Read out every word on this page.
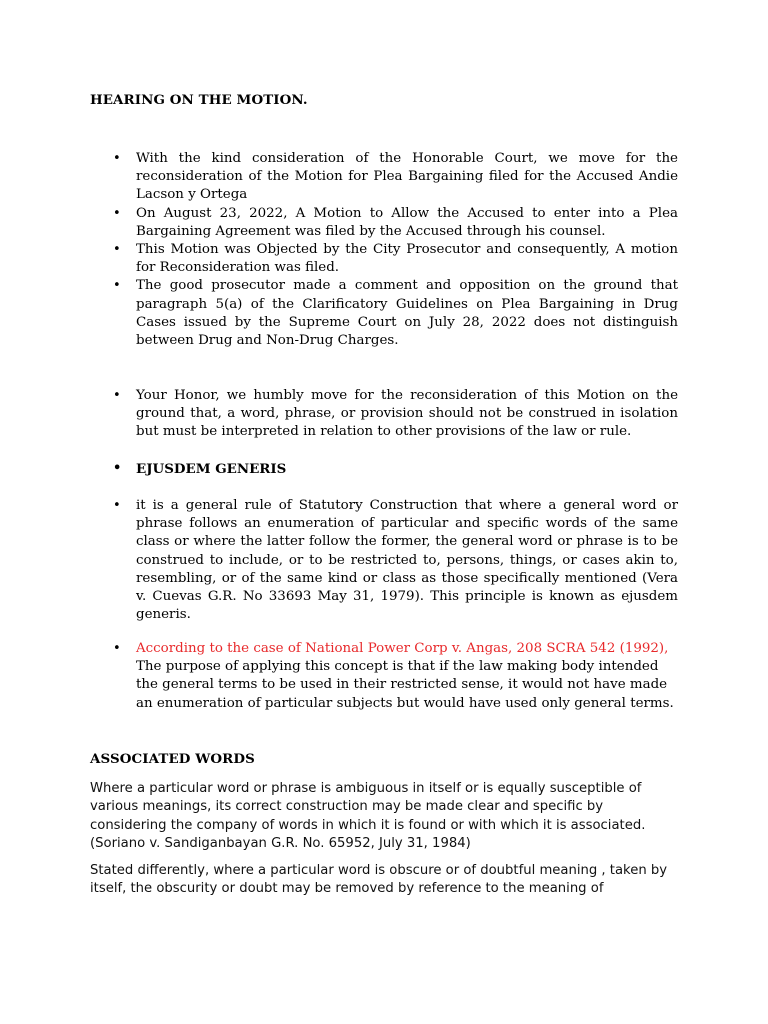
HEARING ON THE MOTION.
• With the kind consideration of the Honorable Court, we move for the reconsideration of the Motion for Plea Bargaining filed for the Accused Andie Lacson y Ortega
• On August 23, 2022, A Motion to Allow the Accused to enter into a Plea Bargaining Agreement was filed by the Accused through his counsel.
• This Motion was Objected by the City Prosecutor and consequently, A motion for Reconsideration was filed.
• The good prosecutor made a comment and opposition on the ground that paragraph 5(a) of the Clarificatory Guidelines on Plea Bargaining in Drug Cases issued by the Supreme Court on July 28, 2022 does not distinguish between Drug and Non-Drug Charges.
• Your Honor, we humbly move for the reconsideration of this Motion on the ground that, a word, phrase, or provision should not be construed in isolation but must be interpreted in relation to other provisions of the law or rule.
• EJUSDEM GENERIS
• it is a general rule of Statutory Construction that where a general word or phrase follows an enumeration of particular and specific words of the same class or where the latter follow the former, the general word or phrase is to be construed to include, or to be restricted to, persons, things, or cases akin to, resembling, or of the same kind or class as those specifically mentioned (Vera v. Cuevas G.R. No 33693 May 31, 1979). This principle is known as ejusdem generis.
• According to the case of National Power Corp v. Angas, 208 SCRA 542 (1992),
The purpose of applying this concept is that if the law making body intended the general terms to be used in their restricted sense, it would not have made an enumeration of particular subjects but would have used only general terms.
ASSOCIATED WORDS
Where a particular word or phrase is ambiguous in itself or is equally susceptible of various meanings, its correct construction may be made clear and specific by considering the company of words in which it is found or with which it is associated. (Soriano v. Sandiganbayan G.R. No. 65952, July 31, 1984)
Stated differently, where a particular word is obscure or of doubtful meaning , taken by itself, the obscurity or doubt may be removed by reference to the meaning of
